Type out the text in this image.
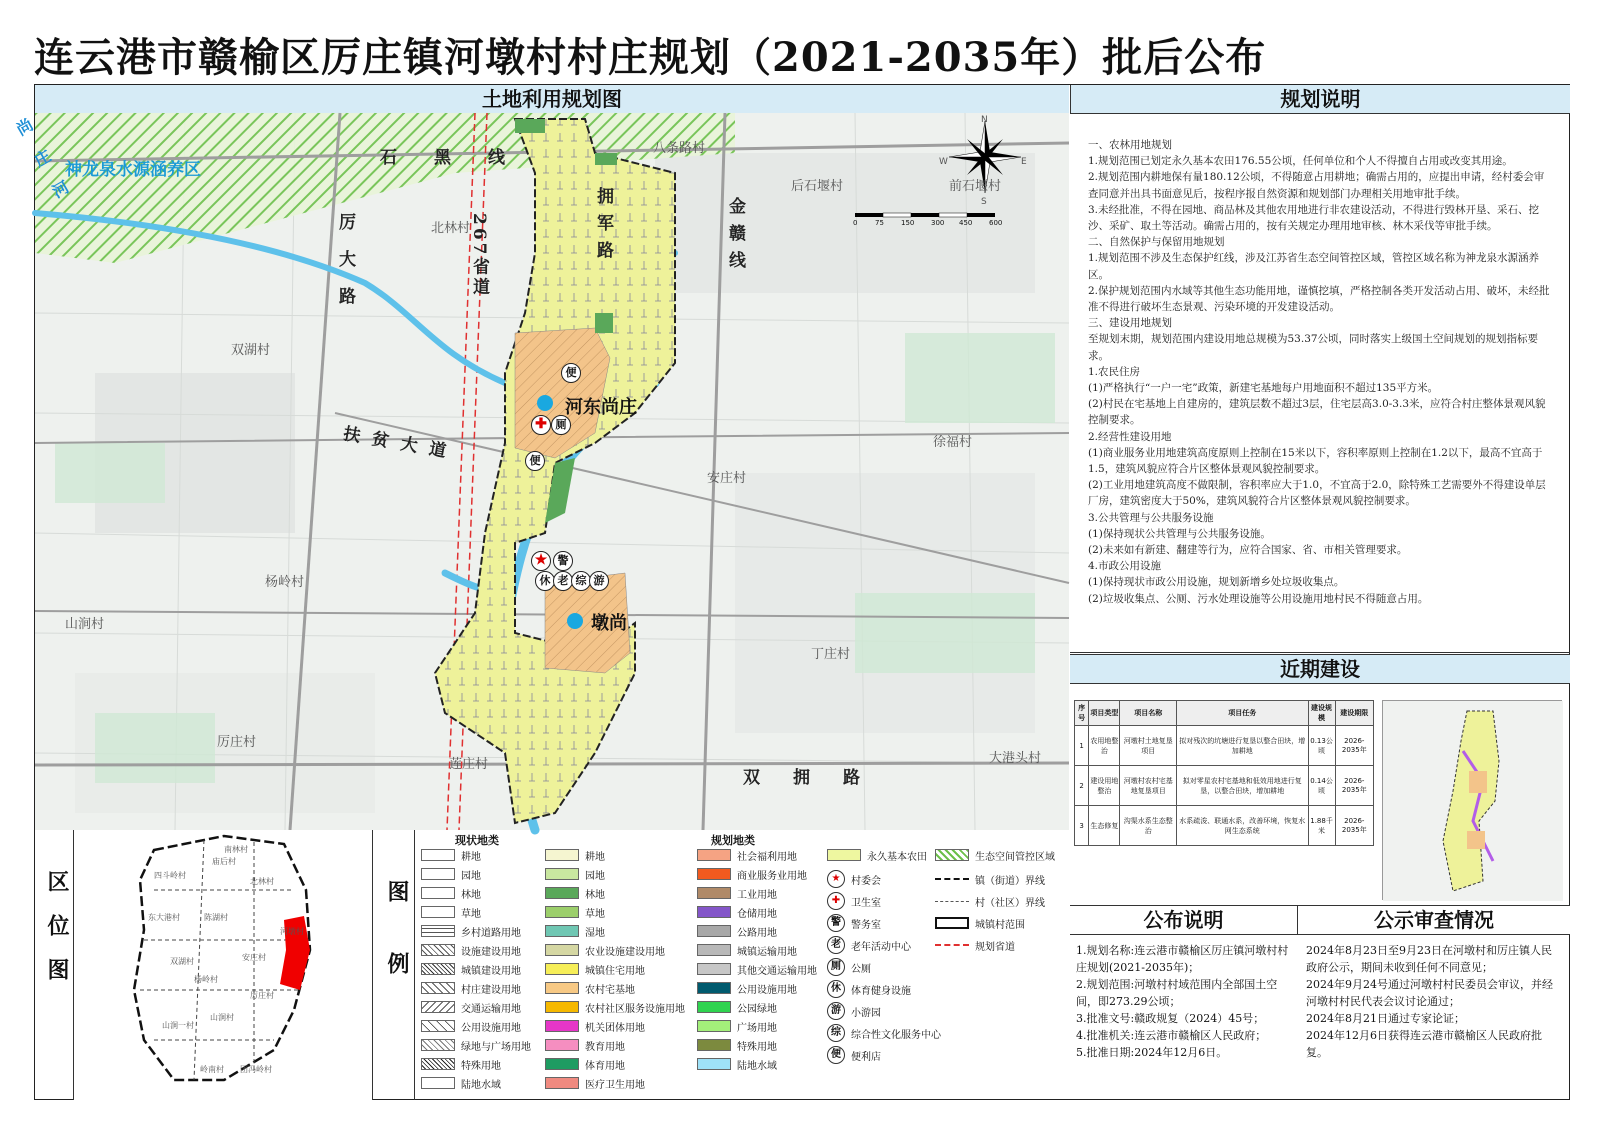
连云港市赣榆区厉庄镇河墩村村庄规划（2021-2035年）批后公布
土地利用规划图	规划说明
N
S
W	E
0	75 150 300 450 600
神龙泉水源涵养区
石　黑　线	八条路村
金赣线
拥军路
厉大路	267省道
扶贫大道
双　拥　路
尚庄河
北林村
后石堰村	前石堰村
双湖村
徐福村
安庄村
杨岭村
山涧村
丁庄村
厉庄村
莲庄村	大港头村
河东尚庄
墩尚
便
✚ 厕
便
★ 警
休 老 综 游

一、农林用地规划

1.规划范围已划定永久基本农田176.55公顷，任何单位和个人不得擅自占用或改变其用途。

2.规划范围内耕地保有量180.12公顷，不得随意占用耕地；确需占用的，应提出申请，经村委会审查同意并出具书面意见后，按程序报自然资源和规划部门办理相关用地审批手续。

3.未经批准，不得在园地、商品林及其他农用地进行非农建设活动，不得进行毁林开垦、采石、挖沙、采矿、取土等活动。确需占用的，按有关规定办理用地审核、林木采伐等审批手续。

二、自然保护与保留用地规划

1.规划范围不涉及生态保护红线，涉及江苏省生态空间管控区域，管控区域名称为神龙泉水源涵养区。

2.保护规划范围内水域等其他生态功能用地，谨慎挖填，严格控制各类开发活动占用、破坏，未经批准不得进行破坏生态景观、污染环境的开发建设活动。

三、建设用地规划

至规划末期，规划范围内建设用地总规模为53.37公顷，同时落实上级国土空间规划的规划指标要求。

1.农民住房

(1)严格执行“一户一宅”政策，新建宅基地每户用地面积不超过135平方米。

(2)村民在宅基地上自建房的，建筑层数不超过3层，住宅层高3.0-3.3米，应符合村庄整体景观风貌控制要求。

2.经营性建设用地

(1)商业服务业用地建筑高度原则上控制在15米以下，容积率原则上控制在1.2以下，最高不宜高于1.5，建筑风貌应符合片区整体景观风貌控制要求。

(2)工业用地建筑高度不做限制，容积率应大于1.0，不宜高于2.0，除特殊工艺需要外不得建设单层厂房，建筑密度大于50%，建筑风貌符合片区整体景观风貌控制要求。

3.公共管理与公共服务设施

(1)保持现状公共管理与公共服务设施。

(2)未来如有新建、翻建等行为，应符合国家、省、市相关管理要求。

4.市政公用设施

(1)保持现状市政公用设施，规划新增乡处垃圾收集点。

(2)垃圾收集点、公厕、污水处理设施等公用设施用地村民不得随意占用。

近期建设
序号	项目类型	项目名称	项目任务	建设规模	建设期限
1	农用地整治	河墩村土地复垦项目	拟对残次的坑塘进行复垦以整合田块，增加耕地	0.13公顷	2026-2035年
2	建设用地整治	河墩村农村宅基地复垦项目	拟对零星农村宅基地和低效用地进行复垦，以整合田块，增加耕地	0.14公顷	2026-2035年
3	生态修复	沟渠水系生态整治	水系疏浚、联通水系，改善环境，恢复水网生态系统	1.88千米	2026-2035年
公布说明	公示审查情况

1.规划名称:连云港市赣榆区厉庄镇河墩村村庄规划(2021-2035年)；

2.规划范围:河墩村村域范围内全部国土空间，即273.29公顷；

3.批准文号:赣政规复（2024）45号；

4.批准机关:连云港市赣榆区人民政府；

5.批准日期:2024年12月6日。

2024年8月23日至9月23日在河墩村和厉庄镇人民政府公示，期间未收到任何不同意见；

2024年9月24号通过河墩村村民委员会审议，并经河墩村村民代表会议讨论通过；

2024年8月21日通过专家论证；

2024年12月6日获得连云港市赣榆区人民政府批复。

区位图
南林村
河墩村
四斗岭村
庙后村
北林村
陈湖村
安庄村
厉庄村
杨岭村
山涧村
山涧一村
岭南村
双湖村
东大港村
团冯岭村
图例
现状地类	规划地类
耕地
园地
林地
草地
乡村道路用地
设施建设用地
城镇建设用地
村庄建设用地
交通运输用地
公用设施用地
绿地与广场用地
特殊用地
陆地水域
耕地
园地
林地
草地
湿地
农业设施建设用地
城镇住宅用地
农村宅基地
农村社区服务设施用地
机关团体用地
教育用地
体育用地
医疗卫生用地
社会福利用地
商业服务业用地
工业用地
仓储用地
公路用地
城镇运输用地
其他交通运输用地
公用设施用地
公园绿地
广场用地
特殊用地
陆地水域
永久基本农田
★	村委会
✚	卫生室
警	警务室
老	老年活动中心
厕	公厕
休	体育健身设施
游	小游园
综	综合性文化服务中心
便	便利店
生态空间管控区域
镇（街道）界线
村（社区）界线
城镇村范围
规划省道
